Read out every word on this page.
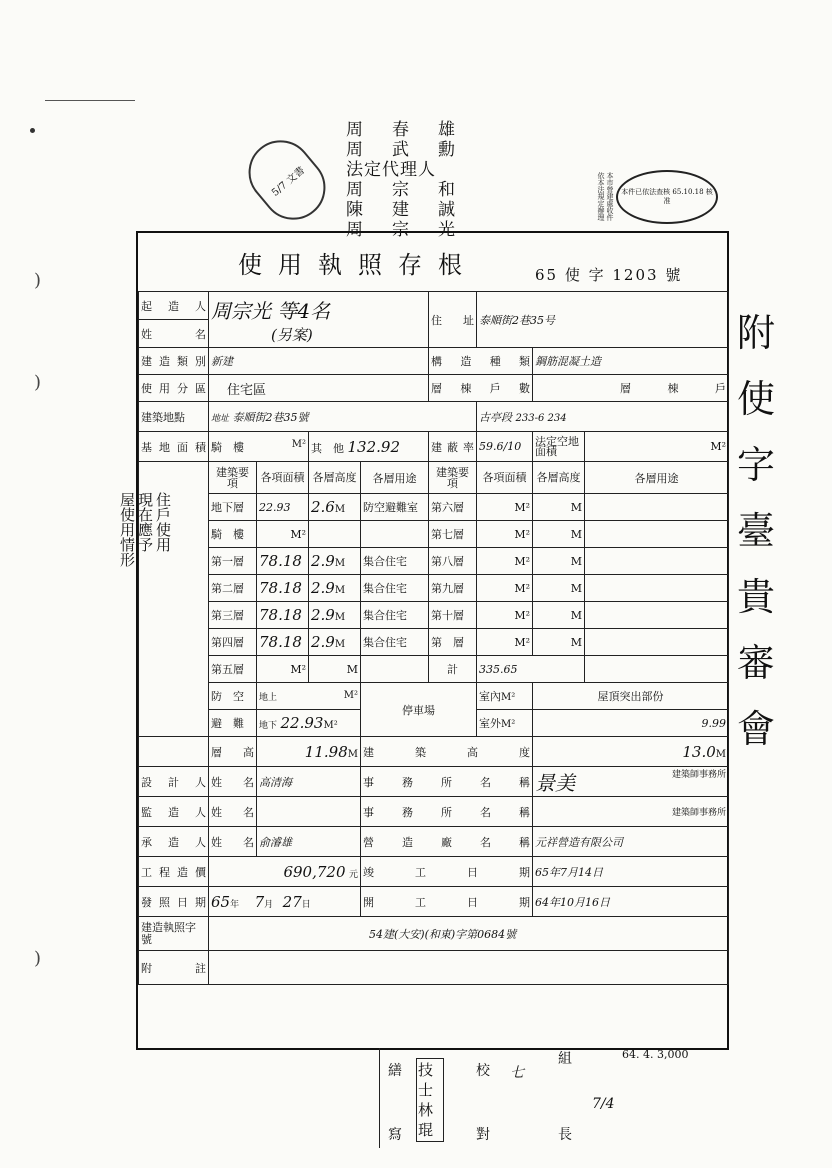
周　春　雄
周　武　勳
法定代理人
周　宗　和
陳　建　誠
周　宗　光
5/7 文書	本市營建處收件依本法規定辦理	本件已依法查核 65.10.18 核准
使用執照存根	65 使 字 1203 號
起造人	周宗光 等4名
(另案)				住　址	泰順街2巷35号		
姓　名								
建造類別	新建				構造種類		鋼筋混凝土造	
使用分區	住宅區				層棟戶數		層　　　 棟　　　 戶	
建築地點	地址 泰順街2巷35號					古亭段 233-6 234		
基地面積	騎　樓 M²		其　他 132.92		建蔽率	59.6/10	法定空地面積	M²
	建築要項	各項面積	各層高度	各層用途	建築要項	各項面積	各層高度	各層用途
	地下層	22.93	2.6M	防空避難室	第六層	M²	M	
	騎　樓	M²			第七層	M²	M	
	第一層	78.18	2.9M	集合住宅	第八層	M²	M	
	第二層	78.18	2.9M	集合住宅	第九層	M²	M	
	第三層	78.18	2.9M	集合住宅	第十層	M²	M	
	第四層	78.18	2.9M	集合住宅	第　層	M²	M	
	第五層	M²	M		計	335.65		
	防　空	地上 M²		停車場		室內M²	屋頂突出部份	
	避　難	地下 22.93M²				室外M²	9.99	
	層　高	11.98M		建　築　高　度			13.0M	
設計人	姓　名	高清海		事　務　所　名　稱			景美 建築師事務所	

監造人	姓　名			事　務　所　名　稱			建築師事務所	

承造人	姓　名	俞濬雄		營　造　廠　名　稱			元祥營造有限公司	
工程造價	690,720 元			竣　工　日　期			65年7月14日	
發照日期	65年 7月 27日			開　工　日　期			64年10月16日	
建造執照字號	54建(大安)(和東)字第0684號							
附　註								
屋使用情形現在應予住戶使用
附
使
字
臺
貴
審
會
64. 4. 3,000
繕
寫
技士 林 琨
校
對
七
組
長
7/4
)
)
)
